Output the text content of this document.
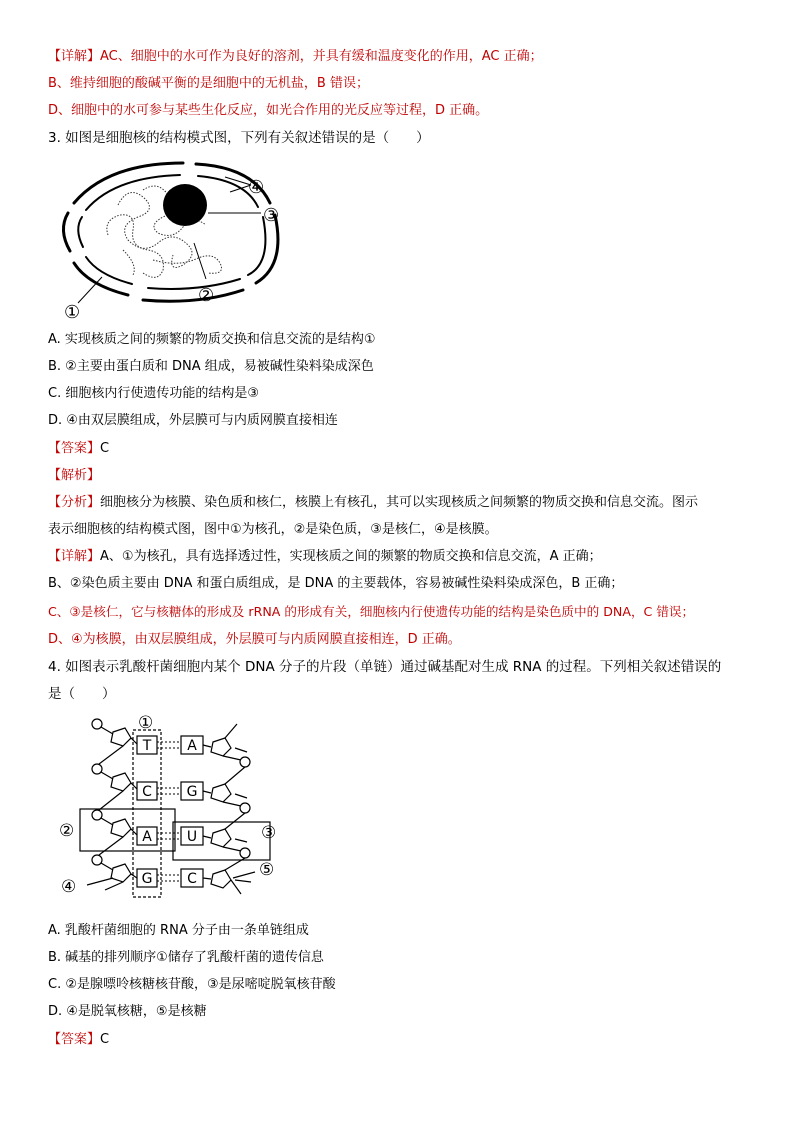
【详解】AC、细胞中的水可作为良好的溶剂，并具有缓和温度变化的作用，AC 正确；
B、维持细胞的酸碱平衡的是细胞中的无机盐，B 错误；
D、细胞中的水可参与某些生化反应，如光合作用的光反应等过程，D 正确。
3. 如图是细胞核的结构模式图，下列有关叙述错误的是（　　）
④
③
②
①
A. 实现核质之间的频繁的物质交换和信息交流的是结构①
B. ②主要由蛋白质和 DNA 组成，易被碱性染料染成深色
C. 细胞核内行使遗传功能的结构是③
D. ④由双层膜组成，外层膜可与内质网膜直接相连
【答案】C
【解析】
【分析】细胞核分为核膜、染色质和核仁，核膜上有核孔，其可以实现核质之间频繁的物质交换和信息交流。图示
表示细胞核的结构模式图，图中①为核孔，②是染色质，③是核仁，④是核膜。
【详解】A、①为核孔，具有选择透过性，实现核质之间的频繁的物质交换和信息交流，A 正确；
B、②染色质主要由 DNA 和蛋白质组成，是 DNA 的主要载体，容易被碱性染料染成深色，B 正确；
C、③是核仁，它与核糖体的形成及 rRNA 的形成有关，细胞核内行使遗传功能的结构是染色质中的 DNA，C 错误；
D、④为核膜，由双层膜组成，外层膜可与内质网膜直接相连，D 正确。
4. 如图表示乳酸杆菌细胞内某个 DNA 分子的片段（单链）通过碱基配对生成 RNA 的过程。下列相关叙述错误的
是（　　）
T
C
A
G
A
G
U
C
①
②	③
④
⑤
A. 乳酸杆菌细胞的 RNA 分子由一条单链组成
B. 碱基的排列顺序①储存了乳酸杆菌的遗传信息
C. ②是腺嘌呤核糖核苷酸，③是尿嘧啶脱氧核苷酸
D. ④是脱氧核糖，⑤是核糖
【答案】C
